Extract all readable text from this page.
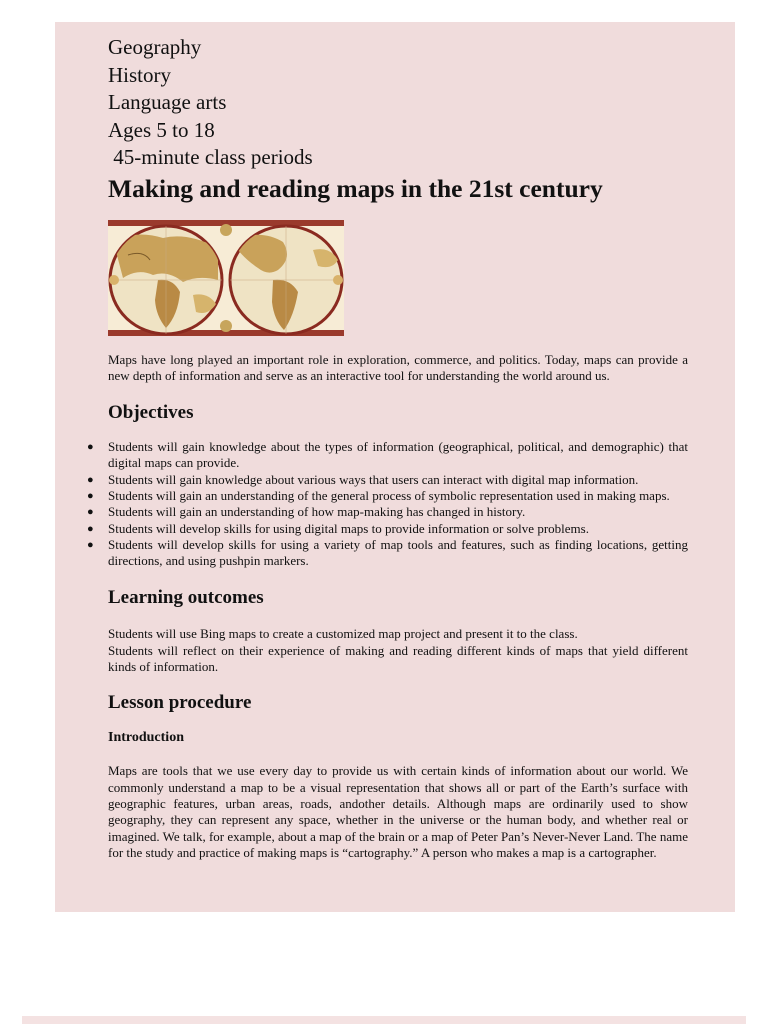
Geography
History
Language arts
Ages 5 to 18
45-minute class periods
Making and reading maps in the 21st century

Maps have long played an important role in exploration, commerce, and politics. Today, maps can provide a new depth of information and serve as an interactive tool for understanding the world around us.

Objectives
● Students will gain knowledge about the types of information (geographical, political, and demographic) that digital maps can provide.
● Students will gain knowledge about various ways that users can interact with digital map information.
● Students will gain an understanding of the general process of symbolic representation used in making maps.
● Students will gain an understanding of how map-making has changed in history.
● Students will develop skills for using digital maps to provide information or solve problems.
● Students will develop skills for using a variety of map tools and features, such as finding locations, getting directions, and using pushpin markers.
Learning outcomes

Students will use Bing maps to create a customized map project and present it to the class.

Students will reflect on their experience of making and reading different kinds of maps that yield different kinds of information.

Lesson procedure
Introduction

Maps are tools that we use every day to provide us with certain kinds of information about our world. We commonly understand a map to be a visual representation that shows all or part of the Earth’s surface with geographic features, urban areas, roads, andother details. Although maps are ordinarily used to show geography, they can represent any space, whether in the universe or the human body, and whether real or imagined. We talk, for example, about a map of the brain or a map of Peter Pan’s Never-Never Land. The name for the study and practice of making maps is “cartography.” A person who makes a map is a cartographer.
